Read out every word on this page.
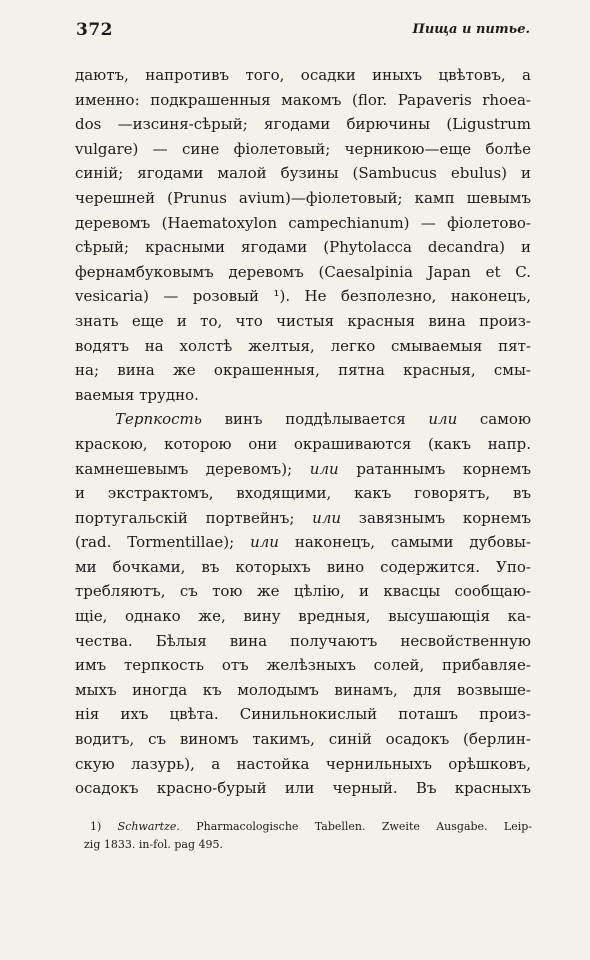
372	Пища и питье.
даютъ, напротивъ того, осадки иныхъ цвѣтовъ, а
именно: подкрашенныя макомъ (flor. Papaveris rhoeа-
dos —изсиня-сѣрый; ягодами бирючины (Ligustrum
vulgare) — сине фіолетовый; черникою—еще болѣе
синій; ягодами малой бузины (Sambucus ebulus) и
черешней (Prunus avium)—фіолетовый; камп шевымъ
деревомъ (Haematoxylon campechianum) — фіолетово-
сѣрый; красными ягодами (Phytolacca decandra) и
фернамбуковымъ деревомъ (Caesalpinia Japan et C.
vesicaria) — розовый ¹). Не безполезно, наконецъ,
знать еще и то, что чистыя красныя вина произ-
водятъ на холстѣ желтыя, легко смываемыя пят-
на; вина же окрашенныя, пятна красныя, смы-
ваемыя трудно.
Терпкость винъ поддѣлывается или самою
краскою, которою они окрашиваются (какъ напр.
камнешевымъ деревомъ); или ратаннымъ корнемъ
и экстрактомъ, входящими, какъ говорятъ, въ
португальскій портвейнъ; или завязнымъ корнемъ
(rad. Tormentillae); или наконецъ, самыми дубовы-
ми бочками, въ которыхъ вино содержится. Упо-
требляютъ, съ тою же цѣлію, и квасцы сообщаю-
щіе, однако же, вину вредныя, высушающія ка-
чества. Бѣлыя вина получаютъ несвойственную
имъ терпкость отъ желѣзныхъ солей, прибавляе-
мыхъ иногда къ молодымъ винамъ, для возвыше-
нія ихъ цвѣта. Синильнокислый поташъ произ-
водитъ, съ виномъ такимъ, синій осадокъ (берлин-
скую лазурь), а настойка чернильныхъ орѣшковъ,
осадокъ красно-бурый или черный. Въ красныхъ
1) Schwartze. Pharmacologische Tabellen. Zweite Ausgabe. Leip-
zig 1833. in-fol. pag 495.
